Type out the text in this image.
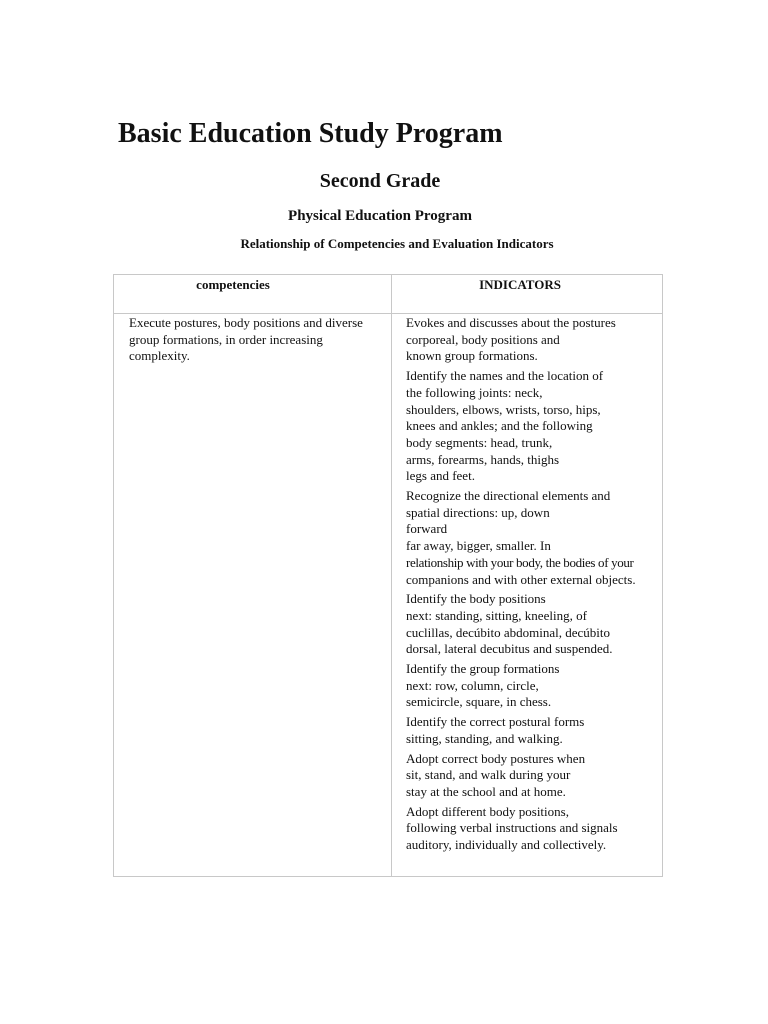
Basic Education Study Program
Second Grade
Physical Education Program
Relationship of Competencies and Evaluation Indicators
competencies	INDICATORS
Execute postures, body positions and diverse group formations, in order increasing complexity.
Evokes and discusses about the postures
corporeal, body positions and
known group formations.
Identify the names and the location of
the following joints: neck,
shoulders, elbows, wrists, torso, hips,
knees and ankles; and the following
body segments: head, trunk,
arms, forearms, hands, thighs
legs and feet.
Recognize the directional elements and
spatial directions: up, down
forward
far away, bigger, smaller. In
relationship with your body, the bodies of your
companions and with other external objects.
Identify the body positions
next: standing, sitting, kneeling, of
cuclillas, decúbito abdominal, decúbito
dorsal, lateral decubitus and suspended.
Identify the group formations
next: row, column, circle,
semicircle, square, in chess.
Identify the correct postural forms
sitting, standing, and walking.
Adopt correct body postures when
sit, stand, and walk during your
stay at the school and at home.
Adopt different body positions,
following verbal instructions and signals
auditory, individually and collectively.
